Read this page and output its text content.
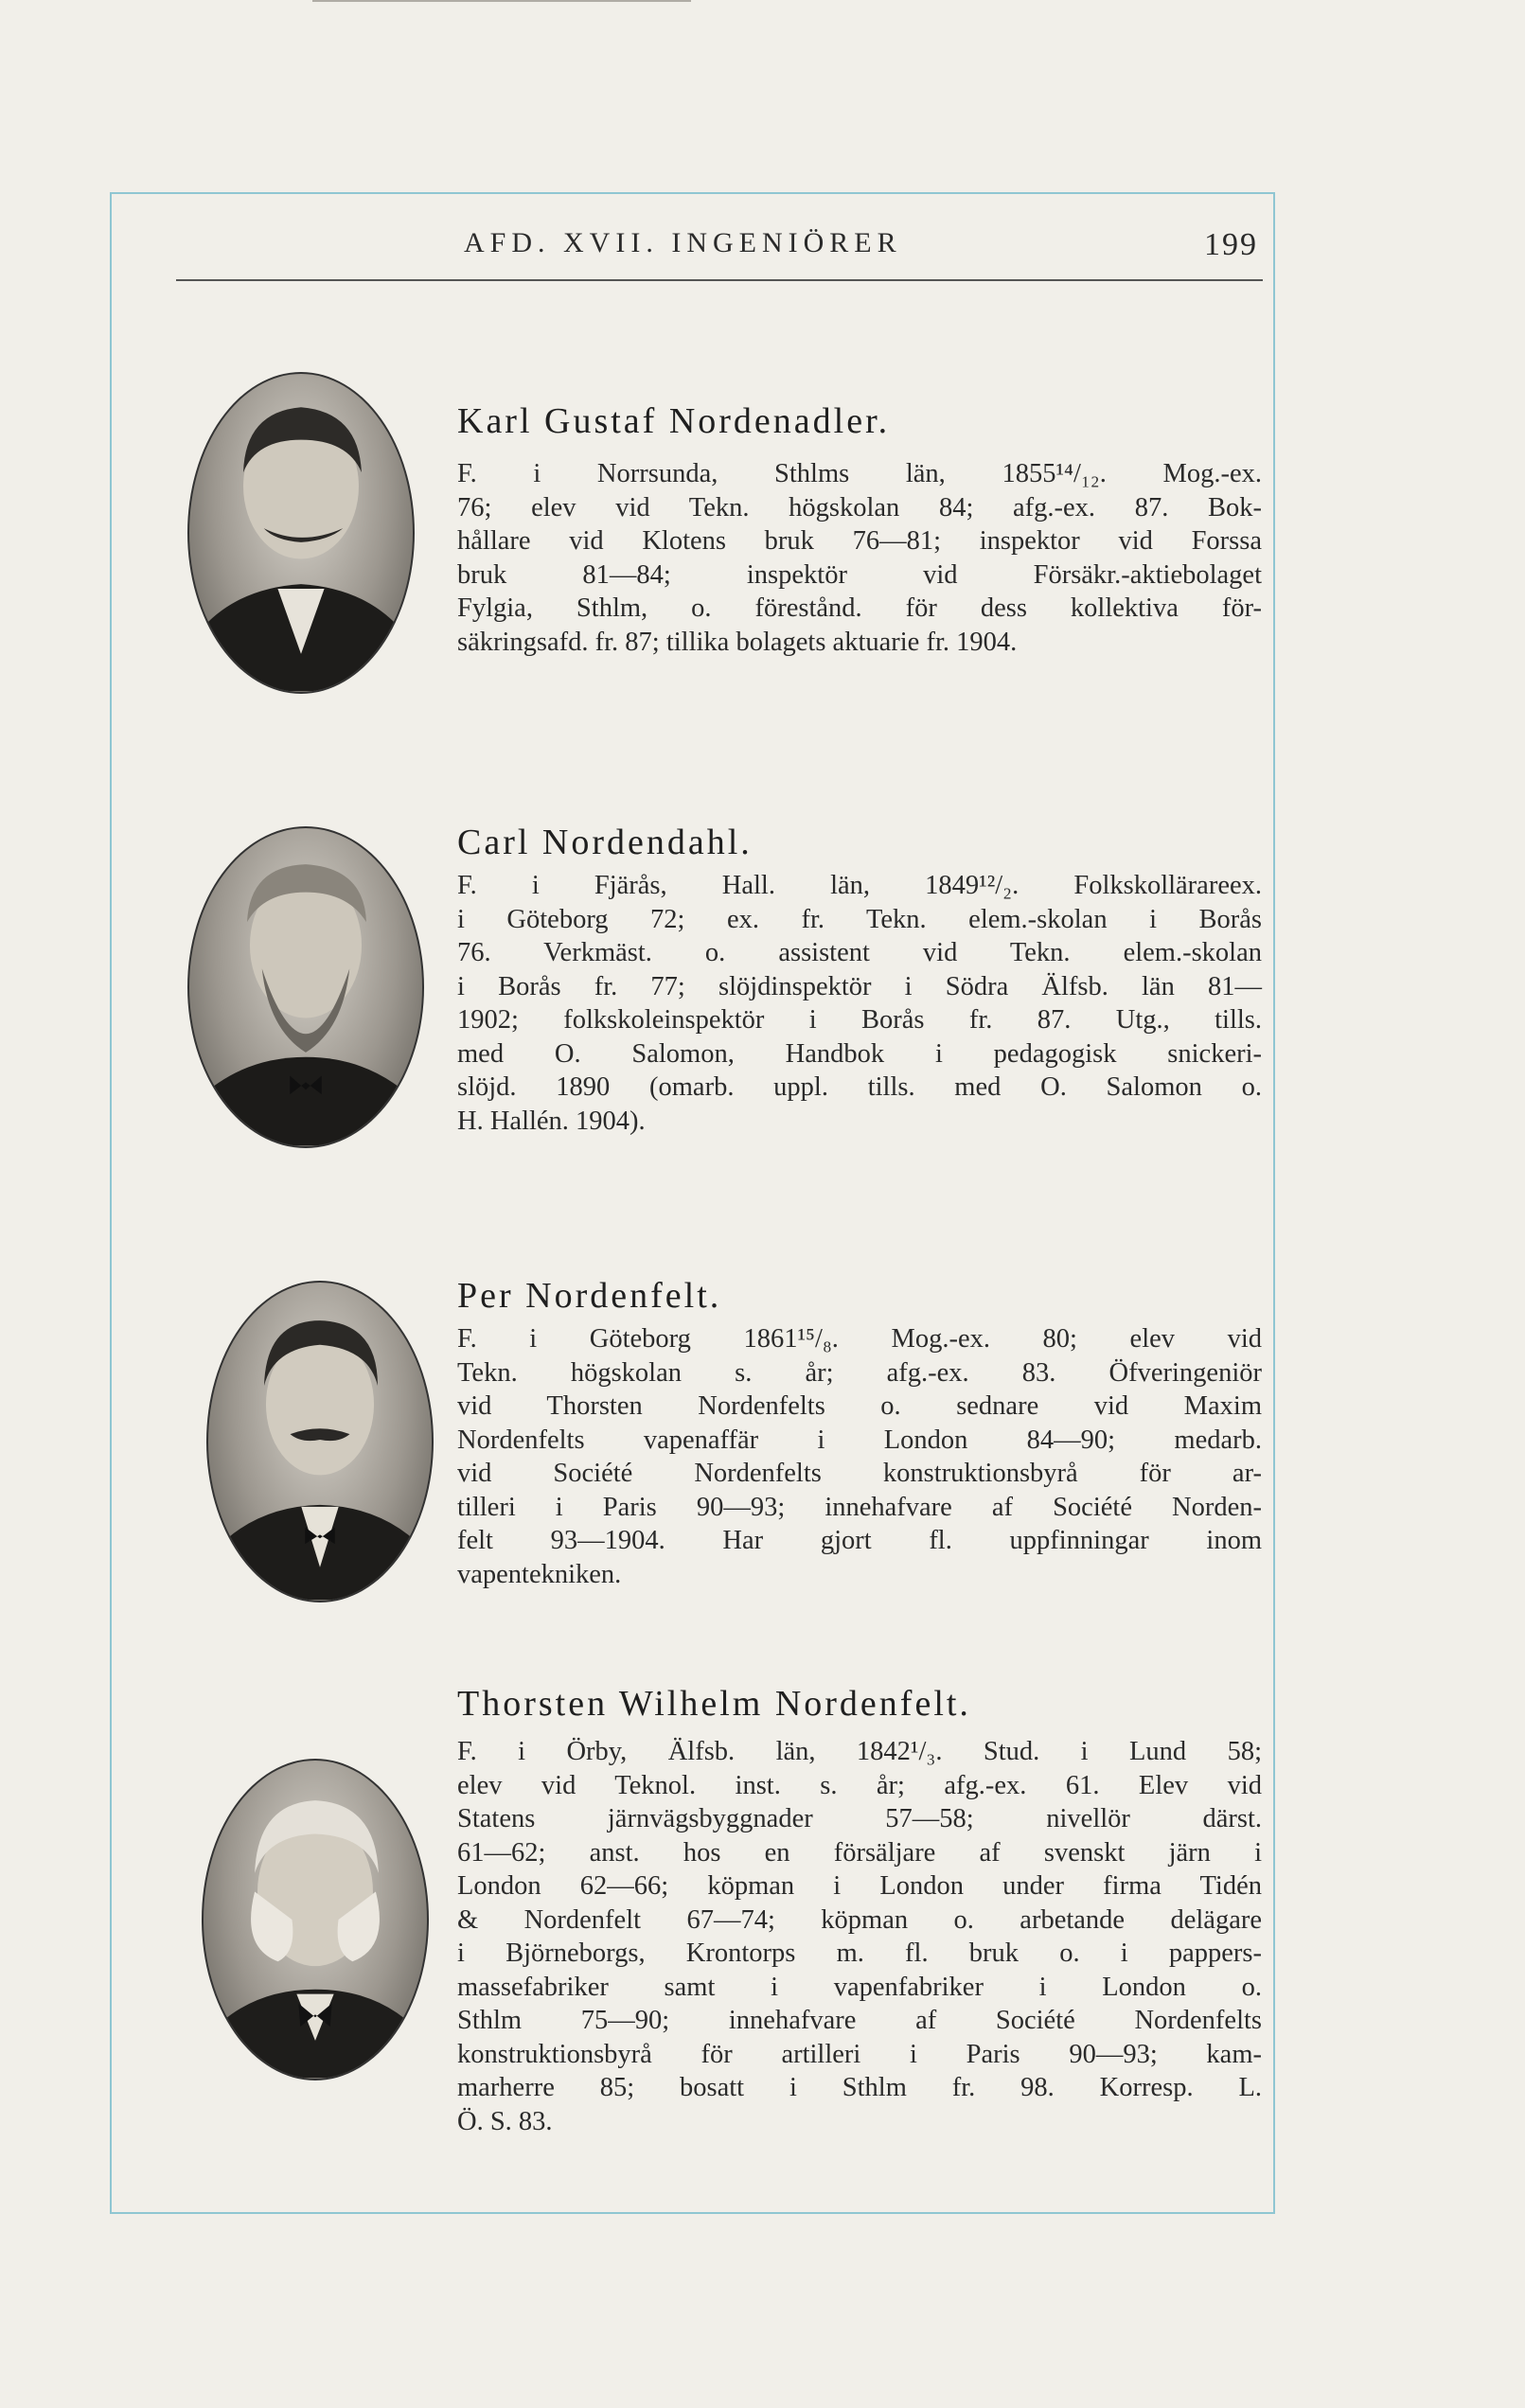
AFD. XVII. INGENIÖRER	199
Karl Gustaf Nordenadler.
F. i Norrsunda, Sthlms län, 1855¹⁴/₁₂. Mog.-ex.
76; elev vid Tekn. högskolan 84; afg.-ex. 87. Bok-
hållare vid Klotens bruk 76—81; inspektor vid Forssa
bruk 81—84; inspektör vid Försäkr.-aktiebolaget
Fylgia, Sthlm, o. förestånd. för dess kollektiva för-
säkringsafd. fr. 87; tillika bolagets aktuarie fr. 1904.
Carl Nordendahl.
F. i Fjärås, Hall. län, 1849¹²/₂. Folkskollärareex.
i Göteborg 72; ex. fr. Tekn. elem.-skolan i Borås
76. Verkmäst. o. assistent vid Tekn. elem.-skolan
i Borås fr. 77; slöjdinspektör i Södra Älfsb. län 81—
1902; folkskoleinspektör i Borås fr. 87. Utg., tills.
med O. Salomon, Handbok i pedagogisk snickeri-
slöjd. 1890 (omarb. uppl. tills. med O. Salomon o.
H. Hallén. 1904).
Per Nordenfelt.
F. i Göteborg 1861¹⁵/₈. Mog.-ex. 80; elev vid
Tekn. högskolan s. år; afg.-ex. 83. Öfveringeniör
vid Thorsten Nordenfelts o. sednare vid Maxim
Nordenfelts vapenaffär i London 84—90; medarb.
vid Société Nordenfelts konstruktionsbyrå för ar-
tilleri i Paris 90—93; innehafvare af Société Norden-
felt 93—1904. Har gjort fl. uppfinningar inom
vapentekniken.
Thorsten Wilhelm Nordenfelt.
F. i Örby, Älfsb. län, 1842¹/₃. Stud. i Lund 58;
elev vid Teknol. inst. s. år; afg.-ex. 61. Elev vid
Statens järnvägsbyggnader 57—58; nivellör därst.
61—62; anst. hos en försäljare af svenskt järn i
London 62—66; köpman i London under firma Tidén
& Nordenfelt 67—74; köpman o. arbetande delägare
i Björneborgs, Krontorps m. fl. bruk o. i pappers-
massefabriker samt i vapenfabriker i London o.
Sthlm 75—90; innehafvare af Société Nordenfelts
konstruktionsbyrå för artilleri i Paris 90—93; kam-
marherre 85; bosatt i Sthlm fr. 98. Korresp. L.
Ö. S. 83.
